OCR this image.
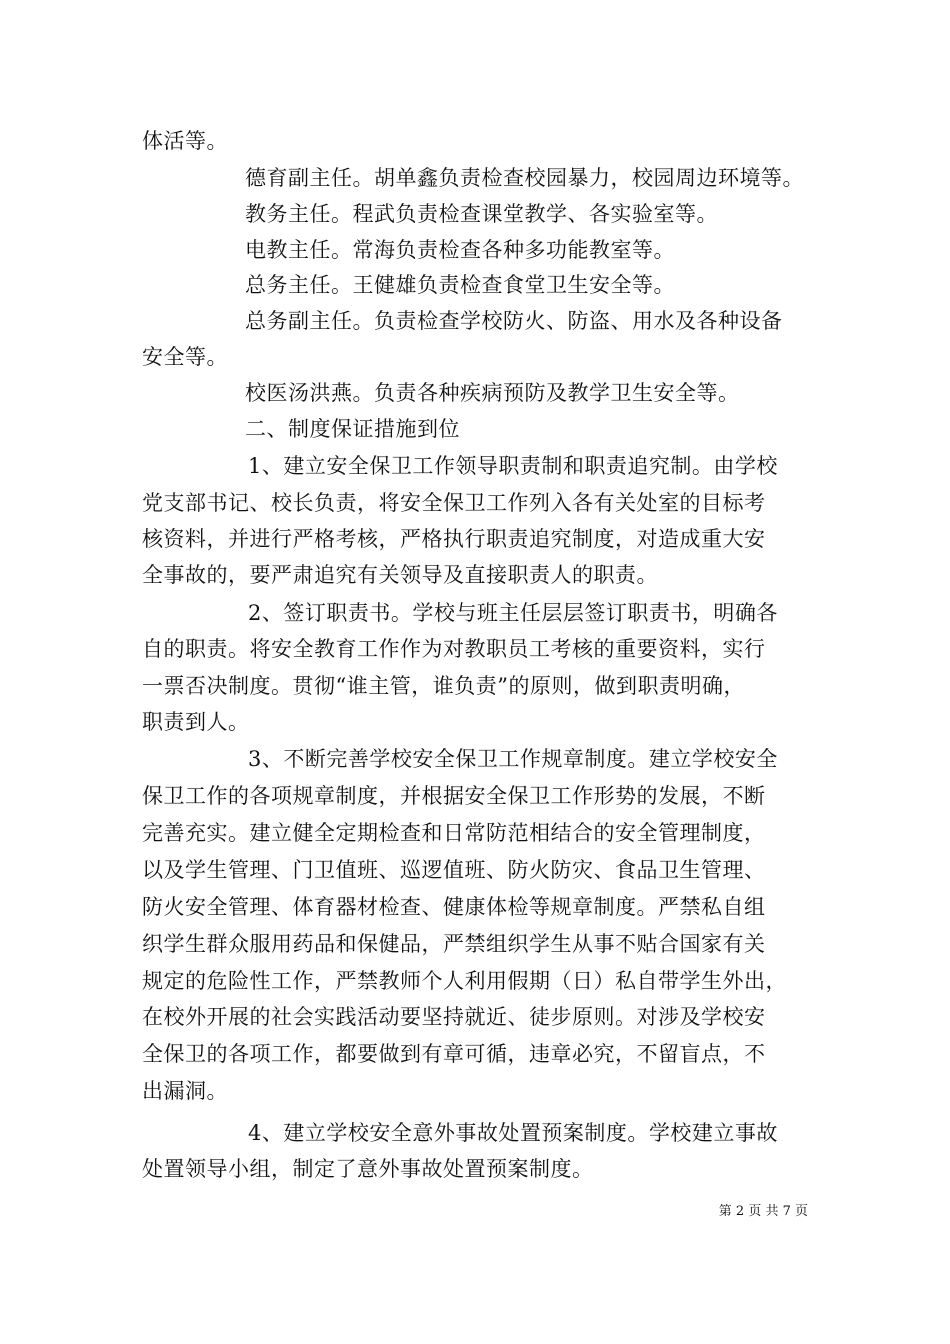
体活等。
德育副主任。胡单鑫负责检查校园暴力，校园周边环境等。
教务主任。程武负责检查课堂教学、各实验室等。
电教主任。常海负责检查各种多功能教室等。
总务主任。王健雄负责检查食堂卫生安全等。
总务副主任。负责检查学校防火、防盗、用水及各种设备
安全等。
校医汤洪燕。负责各种疾病预防及教学卫生安全等。
二、制度保证措施到位
1、建立安全保卫工作领导职责制和职责追究制。由学校
党支部书记、校长负责，将安全保卫工作列入各有关处室的目标考
核资料，并进行严格考核，严格执行职责追究制度，对造成重大安
全事故的，要严肃追究有关领导及直接职责人的职责。
2、签订职责书。学校与班主任层层签订职责书，明确各
自的职责。将安全教育工作作为对教职员工考核的重要资料，实行
一票否决制度。贯彻“谁主管，谁负责”的原则，做到职责明确，
职责到人。
3、不断完善学校安全保卫工作规章制度。建立学校安全
保卫工作的各项规章制度，并根据安全保卫工作形势的发展，不断
完善充实。建立健全定期检查和日常防范相结合的安全管理制度，
以及学生管理、门卫值班、巡逻值班、防火防灾、食品卫生管理、
防火安全管理、体育器材检查、健康体检等规章制度。严禁私自组
织学生群众服用药品和保健品，严禁组织学生从事不贴合国家有关
规定的危险性工作，严禁教师个人利用假期（日）私自带学生外出，
在校外开展的社会实践活动要坚持就近、徒步原则。对涉及学校安
全保卫的各项工作，都要做到有章可循，违章必究，不留盲点，不
出漏洞。
4、建立学校安全意外事故处置预案制度。学校建立事故
处置领导小组，制定了意外事故处置预案制度。
第 2 页 共 7 页
